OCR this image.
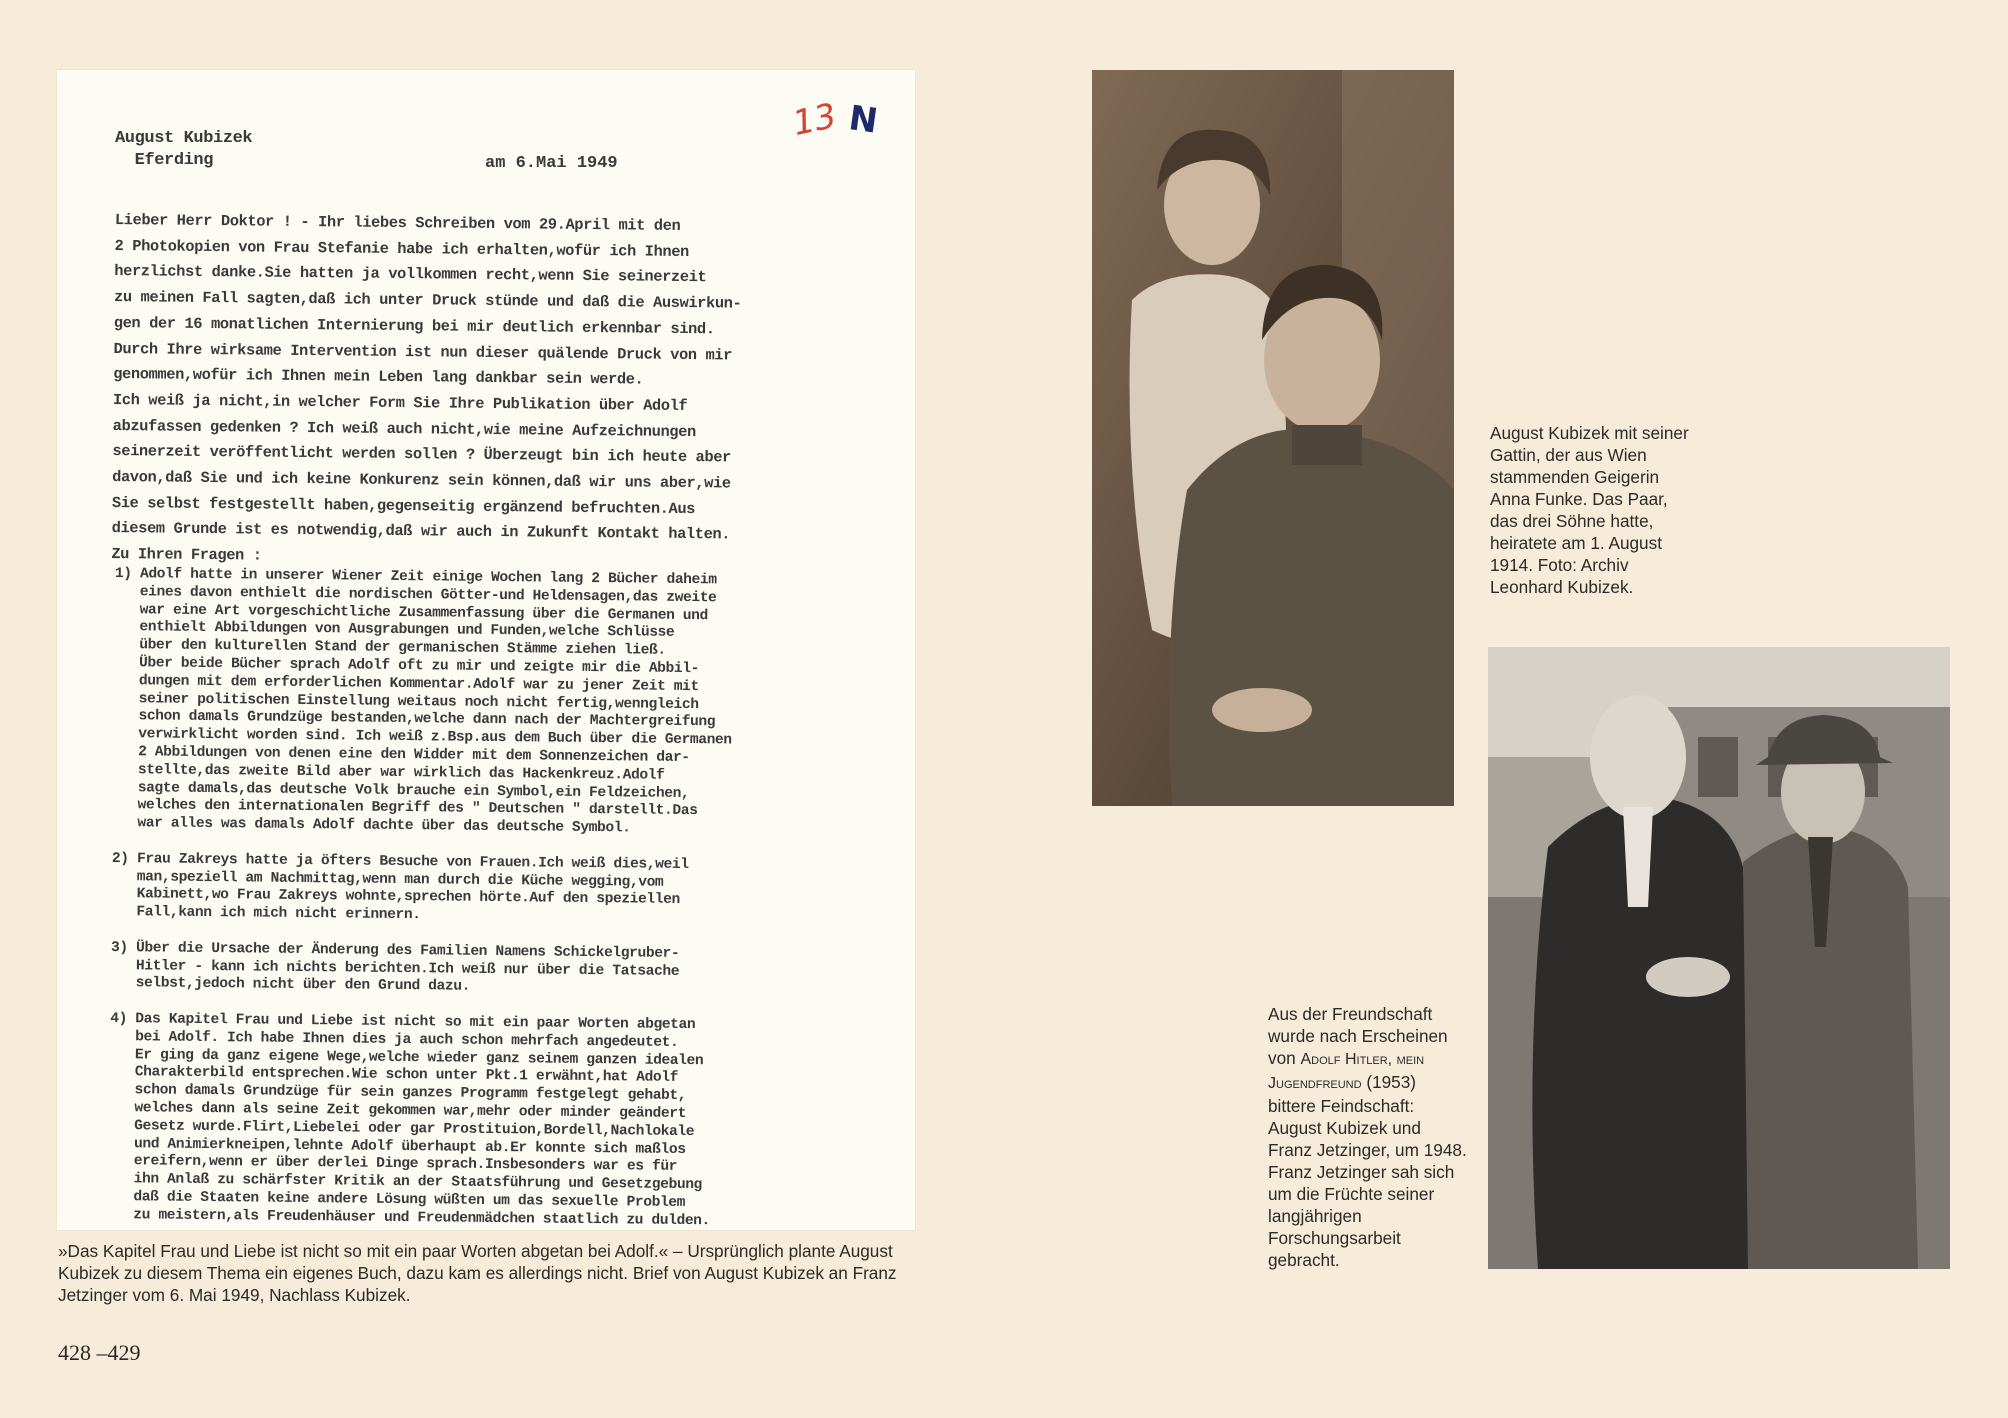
13 N
August Kubizek
Eferding	am 6.Mai 1949
Lieber Herr Doktor ! - Ihr liebes Schreiben vom 29.April mit den
2 Photokopien von Frau Stefanie habe ich erhalten,wofür ich Ihnen
herzlichst danke.Sie hatten ja vollkommen recht,wenn Sie seinerzeit
zu meinen Fall sagten,daß ich unter Druck stünde und daß die Auswirkun-
gen der 16 monatlichen Internierung bei mir deutlich erkennbar sind.
Durch Ihre wirksame Intervention ist nun dieser quälende Druck von mir
genommen,wofür ich Ihnen mein Leben lang dankbar sein werde.
Ich weiß ja nicht,in welcher Form Sie Ihre Publikation über Adolf
abzufassen gedenken ? Ich weiß auch nicht,wie meine Aufzeichnungen
seinerzeit veröffentlicht werden sollen ? Überzeugt bin ich heute aber
davon,daß Sie und ich keine Konkurenz sein können,daß wir uns aber,wie
Sie selbst festgestellt haben,gegenseitig ergänzend befruchten.Aus
diesem Grunde ist es notwendig,daß wir auch in Zukunft Kontakt halten.
Zu Ihren Fragen :
1) Adolf hatte in unserer Wiener Zeit einige Wochen lang 2 Bücher daheim
eines davon enthielt die nordischen Götter-und Heldensagen,das zweite
war eine Art vorgeschichtliche Zusammenfassung über die Germanen und
enthielt Abbildungen von Ausgrabungen und Funden,welche Schlüsse
über den kulturellen Stand der germanischen Stämme ziehen ließ.
Über beide Bücher sprach Adolf oft zu mir und zeigte mir die Abbil-
dungen mit dem erforderlichen Kommentar.Adolf war zu jener Zeit mit
seiner politischen Einstellung weitaus noch nicht fertig,wenngleich
schon damals Grundzüge bestanden,welche dann nach der Machtergreifung
verwirklicht worden sind. Ich weiß z.Bsp.aus dem Buch über die Germanen
2 Abbildungen von denen eine den Widder mit dem Sonnenzeichen dar-
stellte,das zweite Bild aber war wirklich das Hackenkreuz.Adolf
sagte damals,das deutsche Volk brauche ein Symbol,ein Feldzeichen,
welches den internationalen Begriff des " Deutschen " darstellt.Das
war alles was damals Adolf dachte über das deutsche Symbol.

2) Frau Zakreys hatte ja öfters Besuche von Frauen.Ich weiß dies,weil
man,speziell am Nachmittag,wenn man durch die Küche wegging,vom
Kabinett,wo Frau Zakreys wohnte,sprechen hörte.Auf den speziellen
Fall,kann ich mich nicht erinnern.

3) Über die Ursache der Änderung des Familien Namens Schickelgruber-
Hitler - kann ich nichts berichten.Ich weiß nur über die Tatsache
selbst,jedoch nicht über den Grund dazu.

4) Das Kapitel Frau und Liebe ist nicht so mit ein paar Worten abgetan
bei Adolf. Ich habe Ihnen dies ja auch schon mehrfach angedeutet.
Er ging da ganz eigene Wege,welche wieder ganz seinem ganzen idealen
Charakterbild entsprechen.Wie schon unter Pkt.1 erwähnt,hat Adolf
schon damals Grundzüge für sein ganzes Programm festgelegt gehabt,
welches dann als seine Zeit gekommen war,mehr oder minder geändert
Gesetz wurde.Flirt,Liebelei oder gar Prostituion,Bordell,Nachlokale
und Animierkneipen,lehnte Adolf überhaupt ab.Er konnte sich maßlos
ereifern,wenn er über derlei Dinge sprach.Insbesonders war es für
ihn Anlaß zu schärfster Kritik an der Staatsführung und Gesetzgebung
daß die Staaten keine andere Lösung wüßten um das sexuelle Problem
zu meistern,als Freudenhäuser und Freudenmädchen staatlich zu dulden.
»Das Kapitel Frau und Liebe ist nicht so mit ein paar Worten abgetan bei Adolf.« – Ursprünglich plante August Kubizek zu diesem Thema ein eigenes Buch, dazu kam es allerdings nicht. Brief von August Kubizek an Franz Jetzinger vom 6. Mai 1949, Nachlass Kubizek.
August Kubizek mit seiner Gattin, der aus Wien stammenden Geigerin Anna Funke. Das Paar, das drei Söhne hatte, heiratete am 1. August 1914. Foto: Archiv Leonhard Kubizek.
Aus der Freundschaft wurde nach Erscheinen von Adolf Hitler, mein Jugendfreund (1953) bittere Feindschaft: August Kubizek und Franz Jetzinger, um 1948. Franz Jetzinger sah sich um die Früchte seiner langjährigen Forschungsarbeit gebracht.
428 –429
